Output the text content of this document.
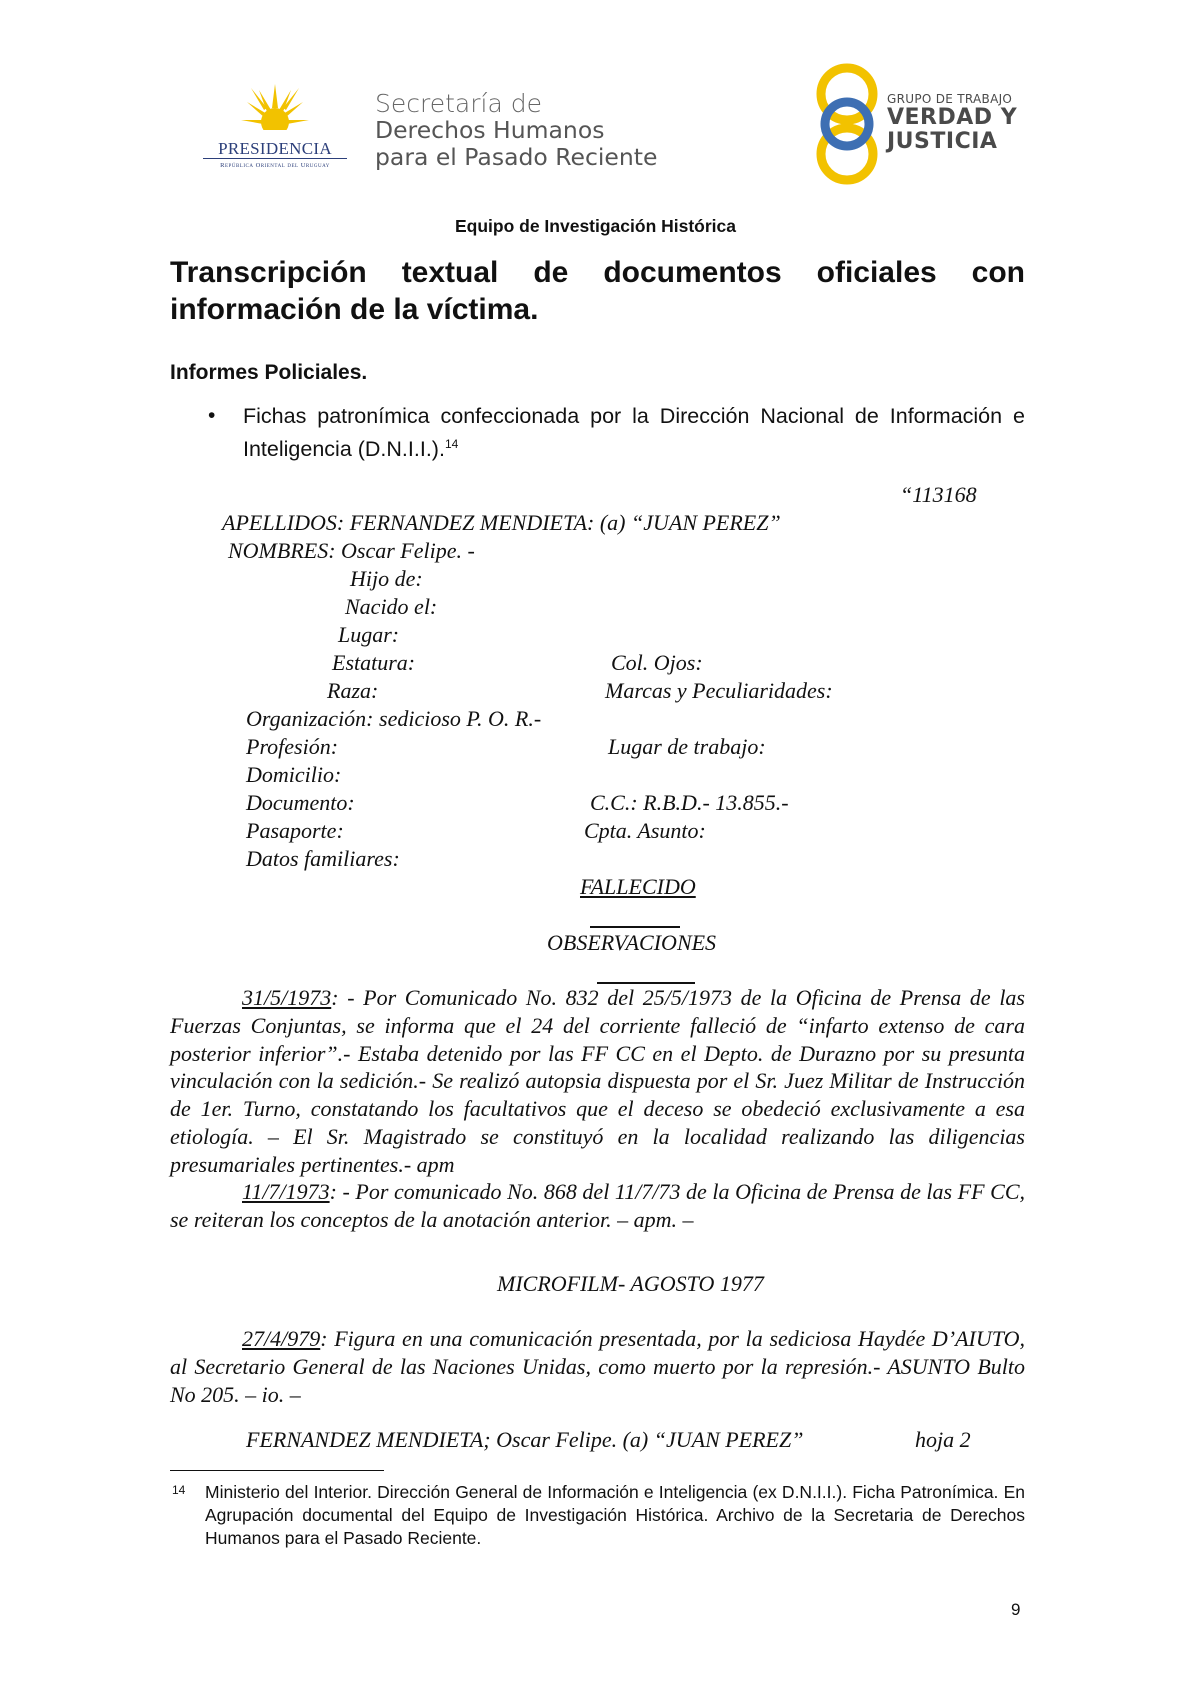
PRESIDENCIA
República Oriental del Uruguay
Secretaría de
Derechos Humanos
para el Pasado Reciente
GRUPO DE TRABAJO
VERDAD Y
JUSTICIA
Equipo de Investigación Histórica
Transcripción textual de documentos oficiales con información de la víctima.
Informes Policiales.
• Fichas patronímica confeccionada por la Dirección Nacional de Información e Inteligencia (D.N.I.I.).$^{14}$
“113168
APELLIDOS: FERNANDEZ MENDIETA: (a) “JUAN PEREZ”
NOMBRES: Oscar Felipe. -
Hijo de:
Nacido el:
Lugar:
Estatura:	Col. Ojos:
Raza:	Marcas y Peculiaridades:
Organización: sedicioso P. O. R.-
Profesión:	Lugar de trabajo:
Domicilio:
Documento:	C.C.: R.B.D.- 13.855.-
Pasaporte:	Cpta. Asunto:
Datos familiares:
FALLECIDO
OBSERVACIONES
31/5/1973: - Por Comunicado No. 832 del 25/5/1973 de la Oficina de Prensa de las Fuerzas Conjuntas, se informa que el 24 del corriente falleció de “infarto extenso de cara posterior inferior”.- Estaba detenido por las FF CC en el Depto. de Durazno por su presunta vinculación con la sedición.- Se realizó autopsia dispuesta por el Sr. Juez Militar de Instrucción de 1er. Turno, constatando los facultativos que el deceso se obedeció exclusivamente a esa etiología. – El Sr. Magistrado se constituyó en la localidad realizando las diligencias presumariales pertinentes.- apm
11/7/1973: - Por comunicado No. 868 del 11/7/73 de la Oficina de Prensa de las FF CC, se reiteran los conceptos de la anotación anterior. – apm. –
MICROFILM- AGOSTO 1977
27/4/979: Figura en una comunicación presentada, por la sediciosa Haydée D’AIUTO, al Secretario General de las Naciones Unidas, como muerto por la represión.- ASUNTO Bulto No 205. – io. –
FERNANDEZ MENDIETA; Oscar Felipe. (a) “JUAN PEREZ”	hoja 2
14 Ministerio del Interior. Dirección General de Información e Inteligencia (ex D.N.I.I.). Ficha Patronímica. En Agrupación documental del Equipo de Investigación Histórica. Archivo de la Secretaria de Derechos Humanos para el Pasado Reciente.
9
